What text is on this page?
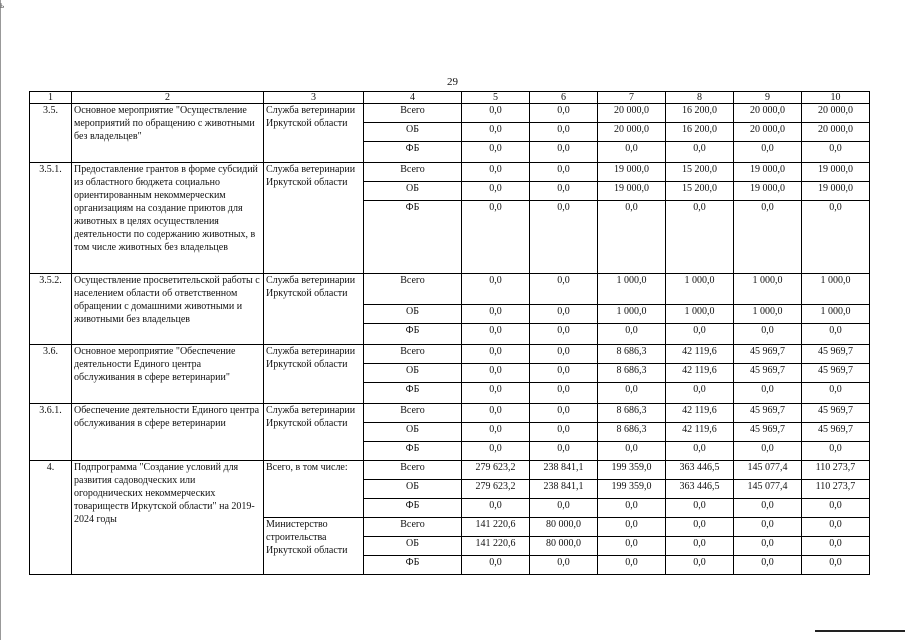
ь
29
1	2	3	4	5	6	7	8	9	10
3.5.	Основное мероприятие "Осуществление мероприятий по обращению с животными без владельцев"	Служба ветеринарии Иркутской области	Всего	0,0	0,0	20 000,0	16 200,0	20 000,0	20 000,0
			ОБ	0,0	0,0	20 000,0	16 200,0	20 000,0	20 000,0
			ФБ	0,0	0,0	0,0	0,0	0,0	0,0
3.5.1.	Предоставление грантов в форме субсидий из областного бюджета социально ориентированным некоммерческим организациям на создание приютов для животных в целях осуществления деятельности по содержанию животных, в том числе животных без владельцев	Служба ветеринарии Иркутской области	Всего	0,0	0,0	19 000,0	15 200,0	19 000,0	19 000,0
			ОБ	0,0	0,0	19 000,0	15 200,0	19 000,0	19 000,0
			ФБ	0,0	0,0	0,0	0,0	0,0	0,0
3.5.2.	Осуществление просветительской работы с населением области об ответственном обращении с домашними животными и животными без владельцев	Служба ветеринарии Иркутской области	Всего	0,0	0,0	1 000,0	1 000,0	1 000,0	1 000,0
			ОБ	0,0	0,0	1 000,0	1 000,0	1 000,0	1 000,0
			ФБ	0,0	0,0	0,0	0,0	0,0	0,0
3.6.	Основное мероприятие "Обеспечение деятельности Единого центра обслуживания в сфере ветеринарии"	Служба ветеринарии Иркутской области	Всего	0,0	0,0	8 686,3	42 119,6	45 969,7	45 969,7
			ОБ	0,0	0,0	8 686,3	42 119,6	45 969,7	45 969,7
			ФБ	0,0	0,0	0,0	0,0	0,0	0,0
3.6.1.	Обеспечение деятельности Единого центра обслуживания в сфере ветеринарии	Служба ветеринарии Иркутской области	Всего	0,0	0,0	8 686,3	42 119,6	45 969,7	45 969,7
			ОБ	0,0	0,0	8 686,3	42 119,6	45 969,7	45 969,7
			ФБ	0,0	0,0	0,0	0,0	0,0	0,0
4.	Подпрограмма "Создание условий для развития садоводческих или огороднических некоммерческих товариществ Иркутской области" на 2019-2024 годы	Всего, в том числе:	Всего	279 623,2	238 841,1	199 359,0	363 446,5	145 077,4	110 273,7
			ОБ	279 623,2	238 841,1	199 359,0	363 446,5	145 077,4	110 273,7
			ФБ	0,0	0,0	0,0	0,0	0,0	0,0
		Министерство строительства Иркутской области	Всего	141 220,6	80 000,0	0,0	0,0	0,0	0,0
			ОБ	141 220,6	80 000,0	0,0	0,0	0,0	0,0
			ФБ	0,0	0,0	0,0	0,0	0,0	0,0
